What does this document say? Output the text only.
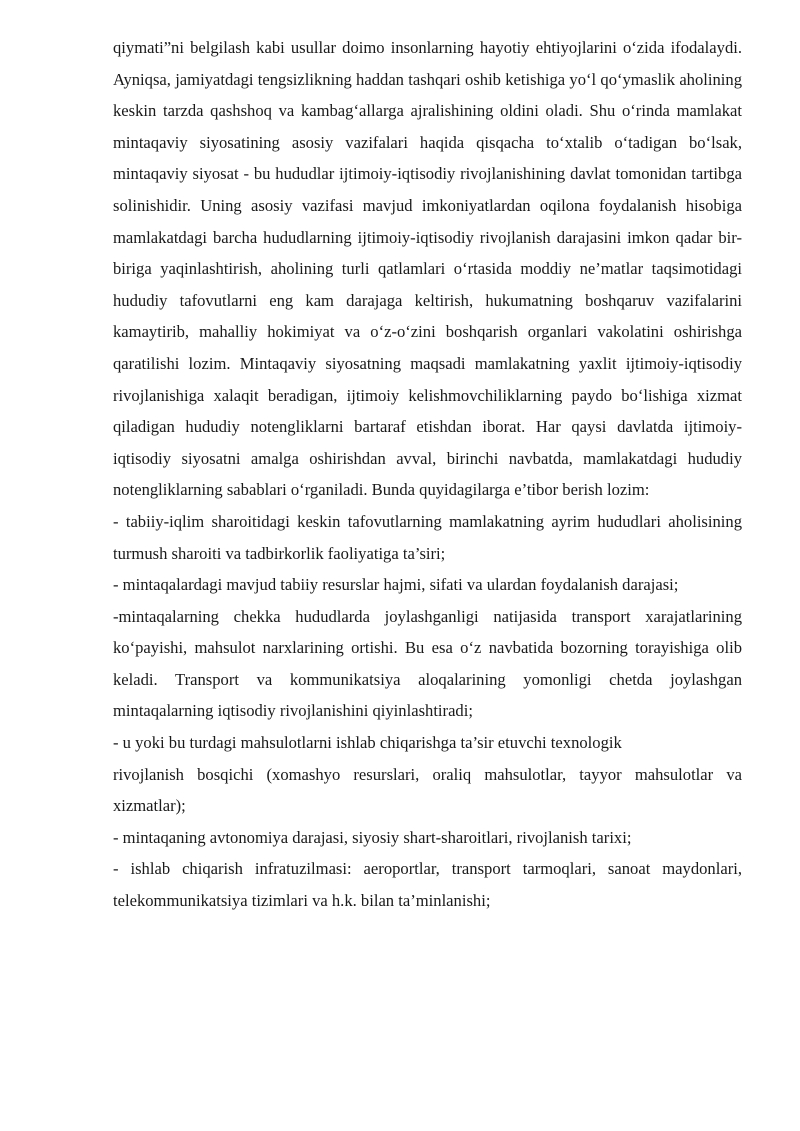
qiymati”ni belgilash kabi usullar doimo insonlarning hayotiy ehtiyojlarini o‘zida ifodalaydi. Ayniqsa, jamiyatdagi tengsizlikning haddan tashqari oshib ketishiga yo‘l qo‘ymaslik aholining keskin tarzda qashshoq va kambag‘allarga ajralishining oldini oladi. Shu o‘rinda mamlakat mintaqaviy siyosatining asosiy vazifalari haqida qisqacha to‘xtalib o‘tadigan bo‘lsak, mintaqaviy siyosat - bu hududlar ijtimoiy-iqtisodiy rivojlanishining davlat tomonidan tartibga solinishidir. Uning asosiy vazifasi mavjud imkoniyatlardan oqilona foydalanish hisobiga mamlakatdagi barcha hududlarning ijtimoiy-iqtisodiy rivojlanish darajasini imkon qadar bir-biriga yaqinlashtirish, aholining turli qatlamlari o‘rtasida moddiy ne’matlar taqsimotidagi hududiy tafovutlarni eng kam darajaga keltirish, hukumatning boshqaruv vazifalarini kamaytirib, mahalliy hokimiyat va o‘z-o‘zini boshqarish organlari vakolatini oshirishga qaratilishi lozim. Mintaqaviy siyosatning maqsadi mamlakatning yaxlit ijtimoiy-iqtisodiy rivojlanishiga xalaqit beradigan, ijtimoiy kelishmovchiliklarning paydo bo‘lishiga xizmat qiladigan hududiy notengliklarni bartaraf etishdan iborat. Har qaysi davlatda ijtimoiy- iqtisodiy siyosatni amalga oshirishdan avval, birinchi navbatda, mamlakatdagi hududiy notengliklarning sabablari o‘rganiladi. Bunda quyidagilarga e’tibor berish lozim:

- tabiiy-iqlim sharoitidagi keskin tafovutlarning mamlakatning ayrim hududlari aholisining turmush sharoiti va tadbirkorlik faoliyatiga ta’siri;

- mintaqalardagi mavjud tabiiy resurslar hajmi, sifati va ulardan foydalanish darajasi;

-mintaqalarning chekka hududlarda joylashganligi natijasida transport xarajatlarining ko‘payishi, mahsulot narxlarining ortishi. Bu esa o‘z navbatida bozorning torayishiga olib keladi. Transport va kommunikatsiya aloqalarining yomonligi chetda joylashgan mintaqalarning iqtisodiy rivojlanishini qiyinlashtiradi;

- u yoki bu turdagi mahsulotlarni ishlab chiqarishga ta’sir etuvchi texnologik

rivojlanish bosqichi (xomashyo resurslari, oraliq mahsulotlar, tayyor mahsulotlar va xizmatlar);

- mintaqaning avtonomiya darajasi, siyosiy shart-sharoitlari, rivojlanish tarixi;

- ishlab chiqarish infratuzilmasi: aeroportlar, transport tarmoqlari, sanoat maydonlari, telekommunikatsiya tizimlari va h.k. bilan ta’minlanishi;
